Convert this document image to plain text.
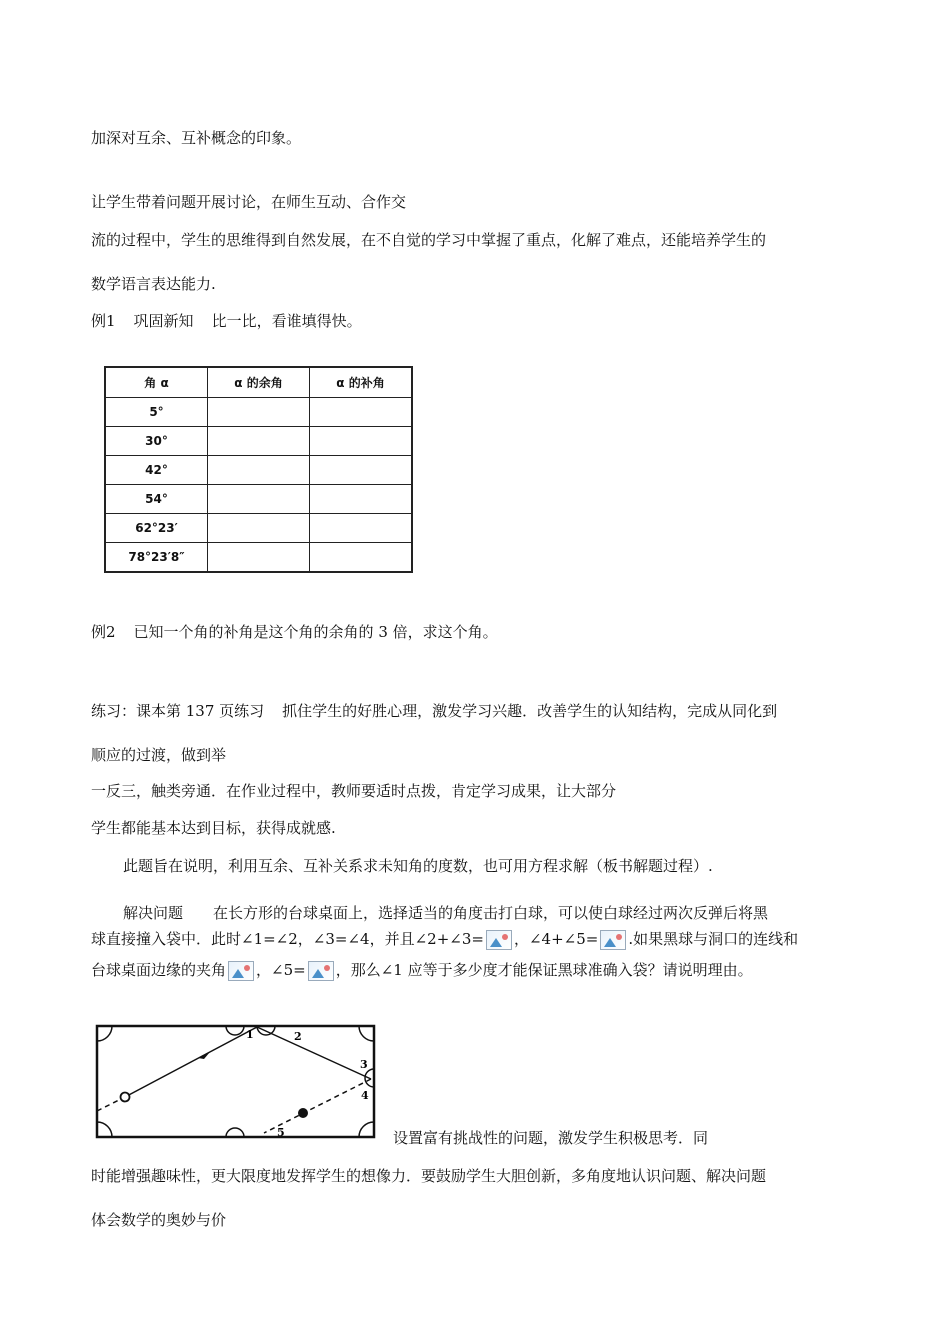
加深对互余、互补概念的印象。
让学生带着问题开展讨论，在师生互动、合作交
流的过程中，学生的思维得到自然发展，在不自觉的学习中掌握了重点，化解了难点，还能培养学生的
数学语言表达能力.
例1 巩固新知 比一比，看谁填得快。
角 α	α 的余角	α 的补角
5°		
30°		
42°		
54°		
62°23′		
78°23′8″		
例2 已知一个角的补角是这个角的余角的 3 倍，求这个角。
练习：课本第 137 页练习 抓住学生的好胜心理，激发学习兴趣．改善学生的认知结构，完成从同化到
顺应的过渡，做到举
一反三，触类旁通．在作业过程中，教师要适时点拨，肯定学习成果，让大部分
学生都能基本达到目标，获得成就感.
此题旨在说明，利用互余、互补关系求未知角的度数，也可用方程求解（板书解题过程）.
解决问题 在长方形的台球桌面上，选择适当的角度击打白球，可以使白球经过两次反弹后将黑
球直接撞入袋中．此时∠1=∠2，∠3=∠4，并且∠2+∠3= ，∠4+∠5= .如果黑球与洞口的连线和
台球桌面边缘的夹角 ，∠5= ，那么∠1 应等于多少度才能保证黑球准确入袋？请说明理由。
1	2
3
4
5	设置富有挑战性的问题，激发学生积极思考．同
时能增强趣味性，更大限度地发挥学生的想像力．要鼓励学生大胆创新，多角度地认识问题、解决问题
体会数学的奥妙与价
